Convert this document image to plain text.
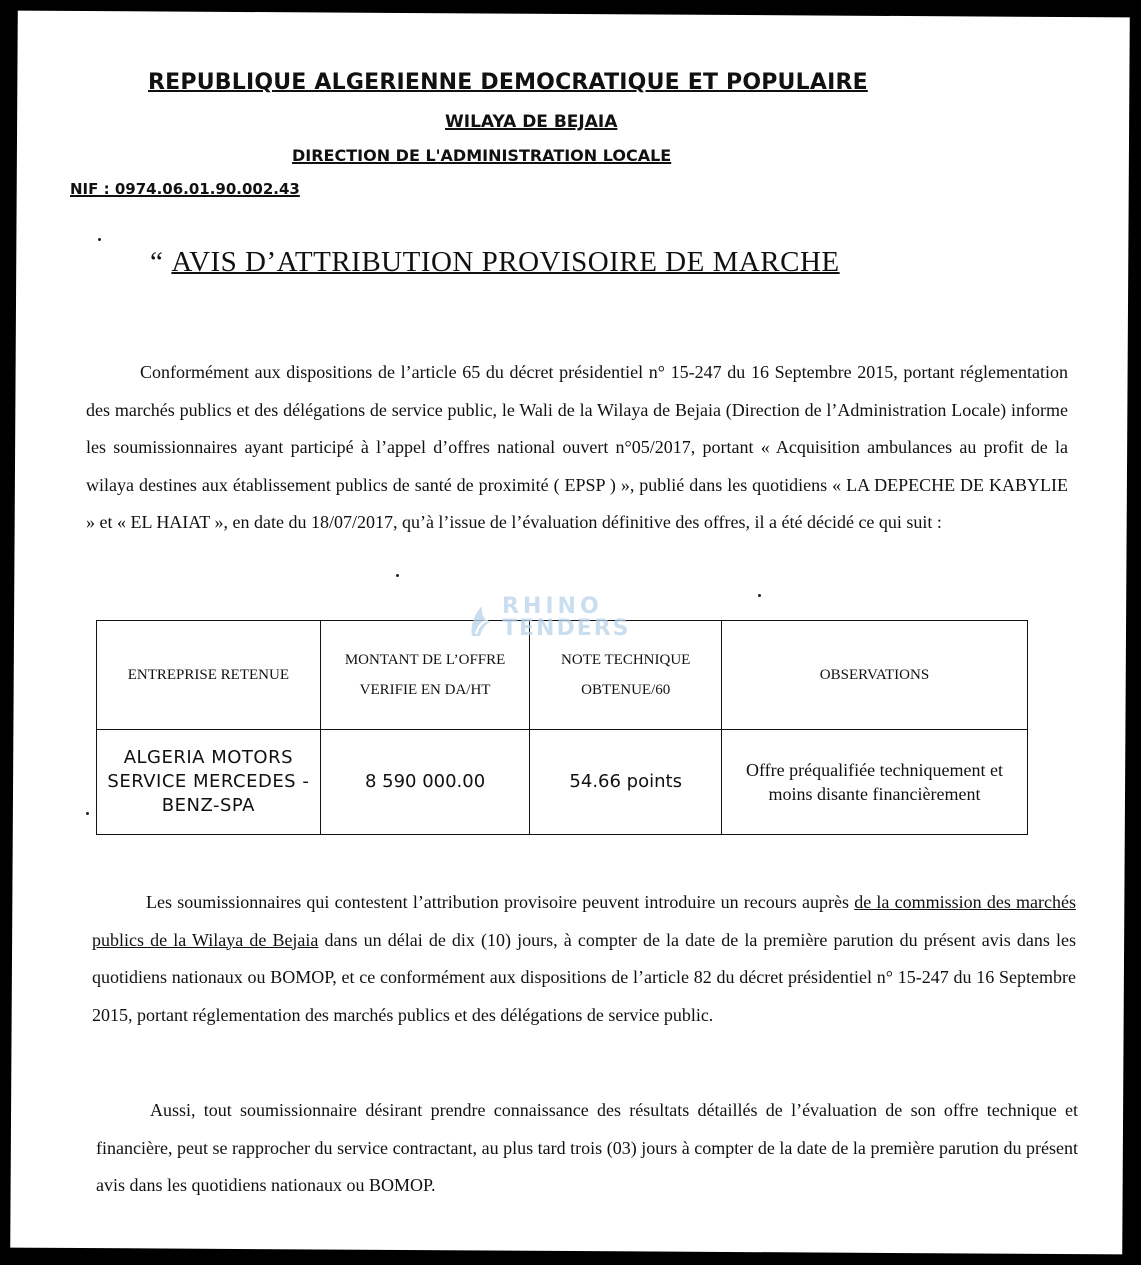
REPUBLIQUE ALGERIENNE DEMOCRATIQUE ET POPULAIRE
WILAYA DE BEJAIA
DIRECTION DE L'ADMINISTRATION LOCALE
NIF : 0974.06.01.90.002.43
“ AVIS D’ATTRIBUTION PROVISOIRE DE MARCHE

Conformément aux dispositions de l’article 65 du décret présidentiel n° 15-247 du 16 Septembre 2015, portant réglementation des marchés publics et des délégations de service public, le Wali de la Wilaya de Bejaia (Direction de l’Administration Locale) informe les soumissionnaires ayant participé à l’appel d’offres national ouvert n°05/2017, portant « Acquisition ambulances au profit de la wilaya destines aux établissement publics de santé de proximité ( EPSP ) », publié dans les quotidiens « LA DEPECHE DE KABYLIE » et « EL HAIAT », en date du 18/07/2017, qu’à l’issue de l’évaluation définitive des offres, il a été décidé ce qui suit :

ENTREPRISE RETENUE	MONTANT DE L’OFFRE VERIFIE EN DA/HT	NOTE TECHNIQUE OBTENUE/60	OBSERVATIONS
ALGERIA MOTORS SERVICE MERCEDES -BENZ-SPA	8 590 000.00	54.66 points	Offre préqualifiée techniquement et moins disante financièrement
RHINO
TENDERS

Les soumissionnaires qui contestent l’attribution provisoire peuvent introduire un recours auprès de la commission des marchés publics de la Wilaya de Bejaia dans un délai de dix (10) jours, à compter de la date de la première parution du présent avis dans les quotidiens nationaux ou BOMOP, et ce conformément aux dispositions de l’article 82 du décret présidentiel n° 15-247 du 16 Septembre 2015, portant réglementation des marchés publics et des délégations de service public.

Aussi, tout soumissionnaire désirant prendre connaissance des résultats détaillés de l’évaluation de son offre technique et financière, peut se rapprocher du service contractant, au plus tard trois (03) jours à compter de la date de la première parution du présent avis dans les quotidiens nationaux ou BOMOP.
